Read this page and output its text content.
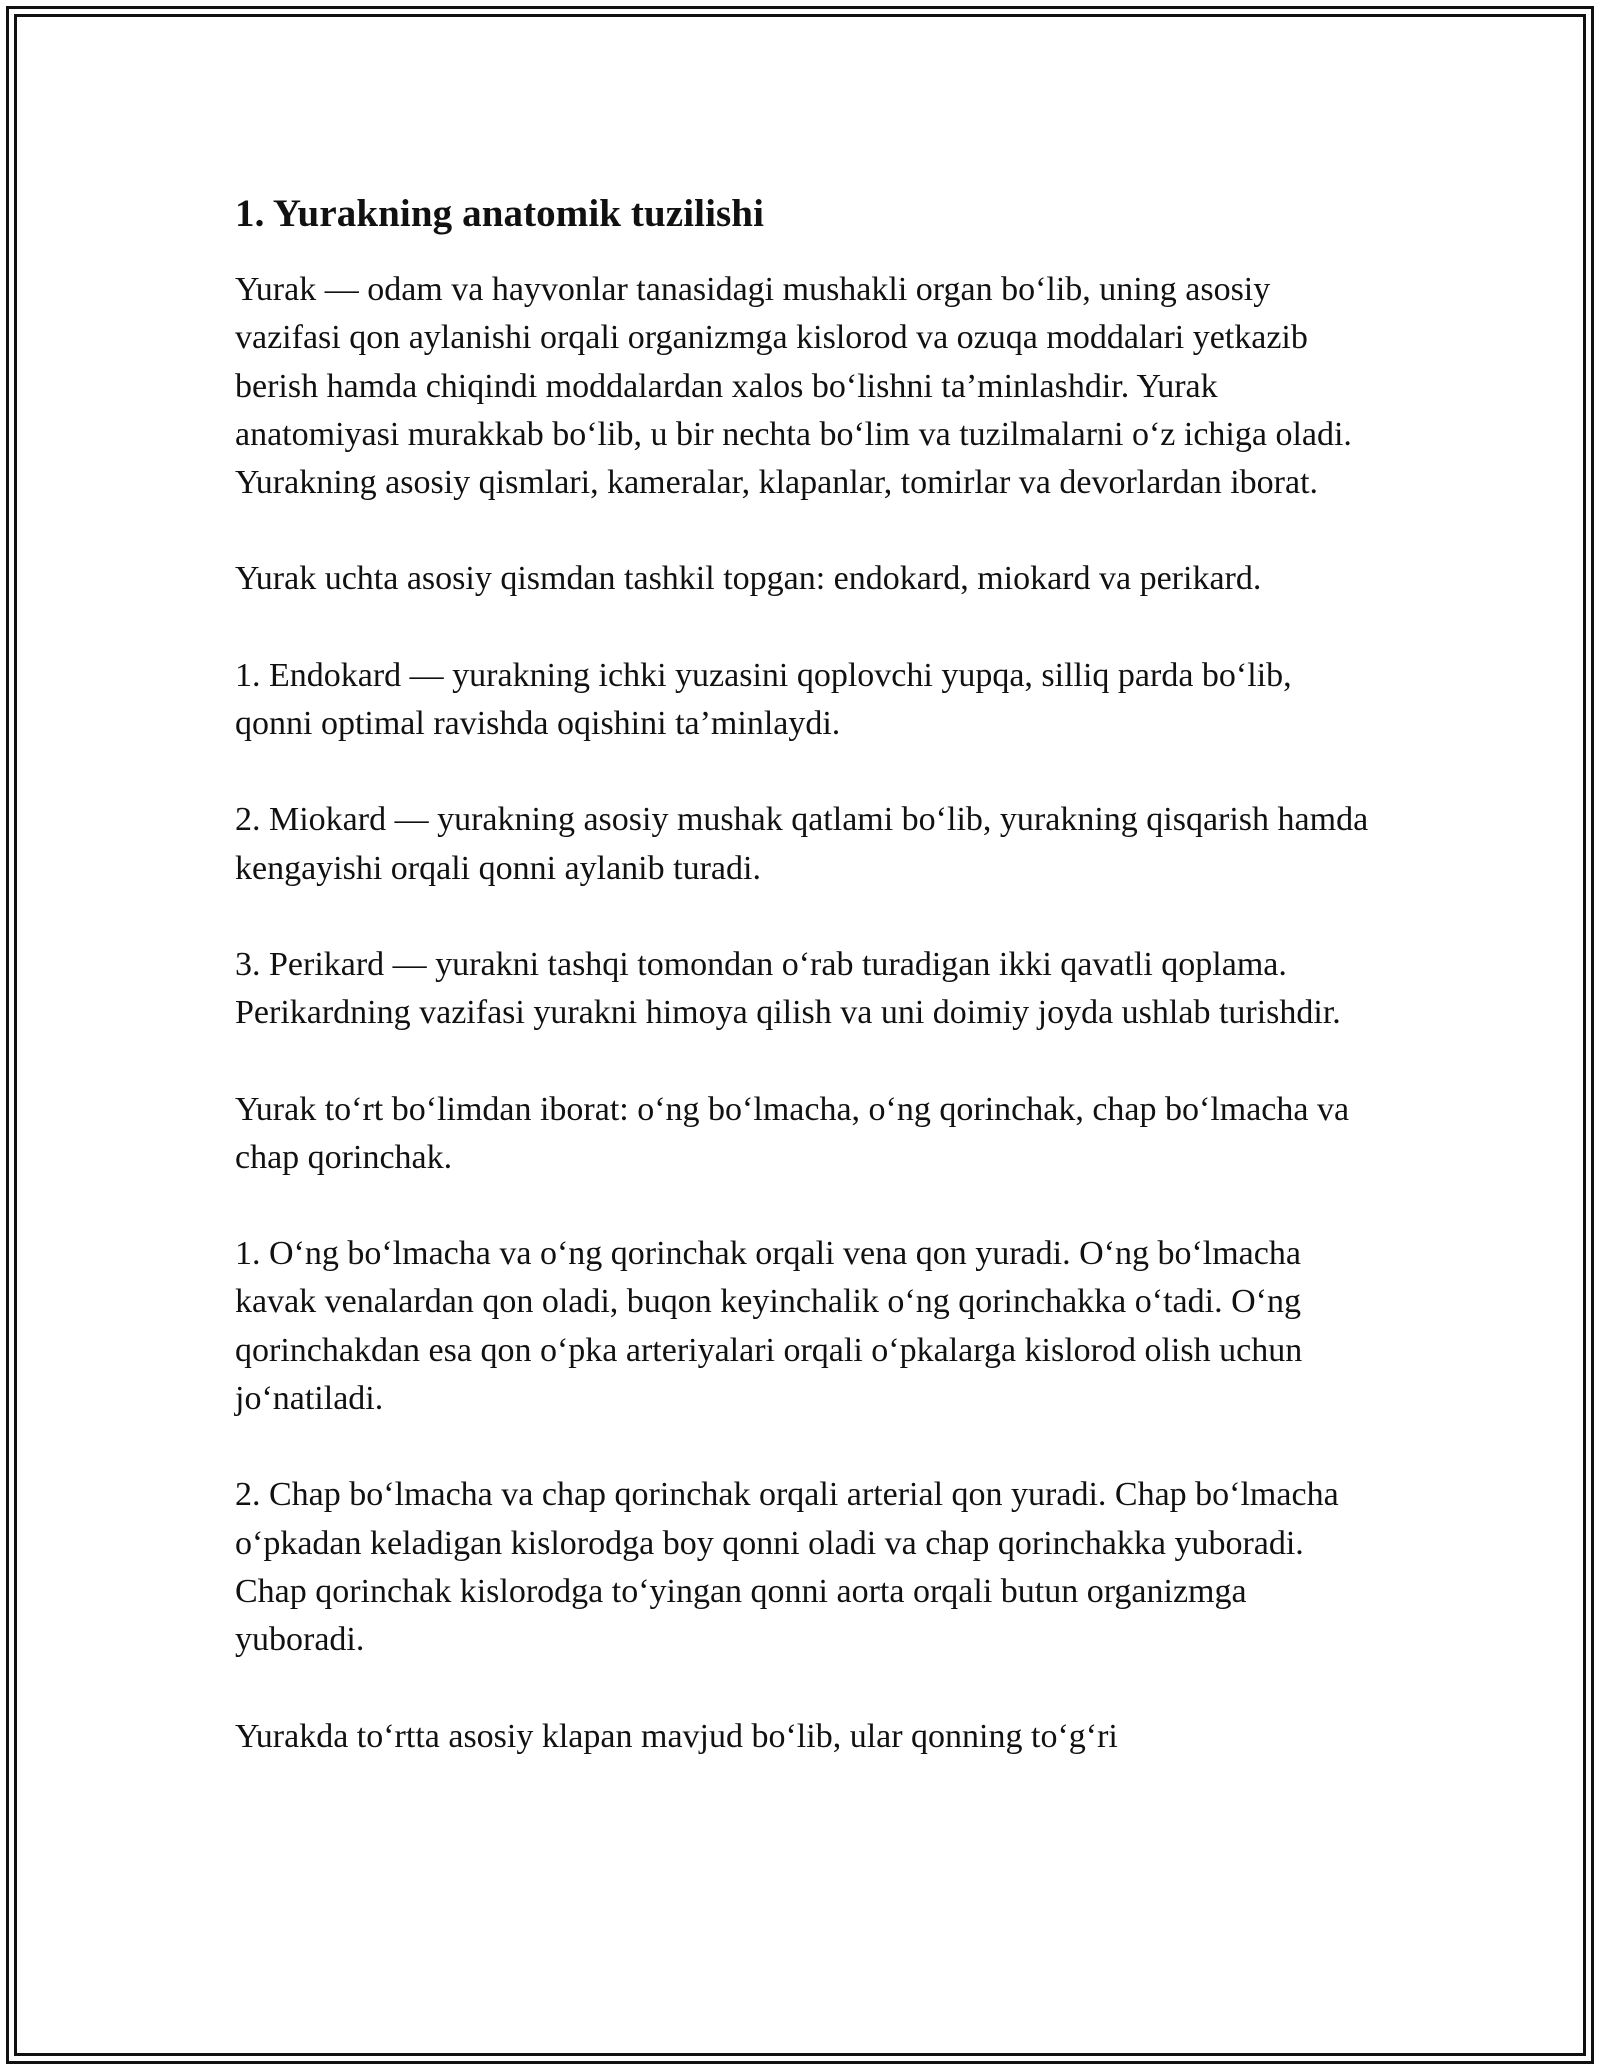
1. Yurakning anatomik tuzilishi

Yurak — odam va hayvonlar tanasidagi mushakli organ bo‘lib, uning asosiy vazifasi qon aylanishi orqali organizmga kislorod va ozuqa moddalari yetkazib berish hamda chiqindi moddalardan xalos bo‘lishni ta’minlashdir. Yurak anatomiyasi murakkab bo‘lib, u bir nechta bo‘lim va tuzilmalarni o‘z ichiga oladi. Yurakning asosiy qismlari, kameralar, klapanlar, tomirlar va devorlardan iborat.

Yurak uchta asosiy qismdan tashkil topgan: endokard, miokard va perikard.

1. Endokard — yurakning ichki yuzasini qoplovchi yupqa, silliq parda bo‘lib, qonni optimal ravishda oqishini ta’minlaydi.

2. Miokard — yurakning asosiy mushak qatlami bo‘lib, yurakning qisqarish hamda kengayishi orqali qonni aylanib turadi.

3. Perikard — yurakni tashqi tomondan o‘rab turadigan ikki qavatli qoplama. Perikardning vazifasi yurakni himoya qilish va uni doimiy joyda ushlab turishdir.

Yurak to‘rt bo‘limdan iborat: o‘ng bo‘lmacha, o‘ng qorinchak, chap bo‘lmacha va chap qorinchak.

1. O‘ng bo‘lmacha va o‘ng qorinchak orqali vena qon yuradi. O‘ng bo‘lmacha kavak venalardan qon oladi, buqon keyinchalik o‘ng qorinchakka o‘tadi. O‘ng qorinchakdan esa qon o‘pka arteriyalari orqali o‘pkalarga kislorod olish uchun jo‘natiladi.

2. Chap bo‘lmacha va chap qorinchak orqali arterial qon yuradi. Chap bo‘lmacha o‘pkadan keladigan kislorodga boy qonni oladi va chap qorinchakka yuboradi. Chap qorinchak kislorodga to‘yingan qonni aorta orqali butun organizmga yuboradi.

Yurakda to‘rtta asosiy klapan mavjud bo‘lib, ular qonning to‘g‘ri
